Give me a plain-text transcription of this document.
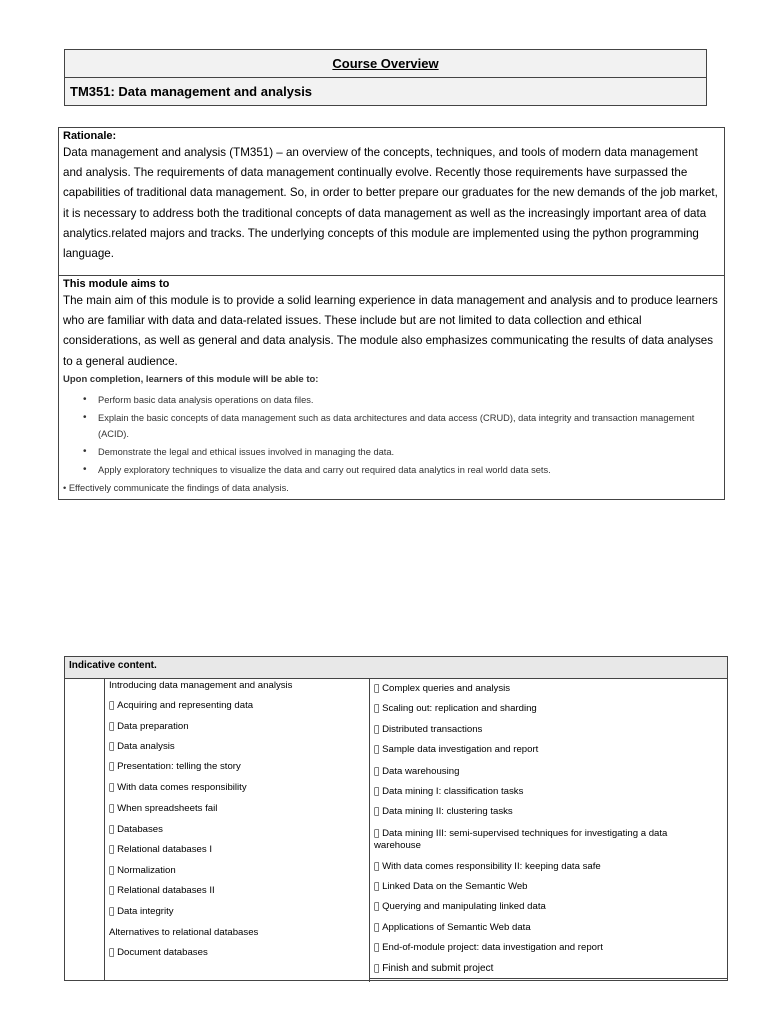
Course Overview
TM351: Data management and analysis
Rationale:
Data management and analysis (TM351) – an overview of the concepts, techniques, and tools of modern data management and analysis. The requirements of data management continually evolve. Recently those requirements have surpassed the capabilities of traditional data management. So, in order to better prepare our graduates for the new demands of the job market, it is necessary to address both the traditional concepts of data management as well as the increasingly important area of data analytics.related majors and tracks. The underlying concepts of this module are implemented using the python programming language.
This module aims to
The main aim of this module is to provide a solid learning experience in data management and analysis and to produce learners who are familiar with data and data-related issues. These include but are not limited to data collection and ethical considerations, as well as general and data analysis. The module also emphasizes communicating the results of data analyses to a general audience.
Upon completion, learners of this module will be able to:
• Perform basic data analysis operations on data files.
• Explain the basic concepts of data management such as data architectures and data access (CRUD), data integrity and transaction management (ACID).
• Demonstrate the legal and ethical issues involved in managing the data.
• Apply exploratory techniques to visualize the data and carry out required data analytics in real world data sets.
• Effectively communicate the findings of data analysis.
Indicative content.
Introducing data management and analysis
Acquiring and representing data
Data preparation
Data analysis
Presentation: telling the story
With data comes responsibility
When spreadsheets fail
Databases
Relational databases I
Normalization
Relational databases II
Data integrity
Alternatives to relational databases
Document databases
Complex queries and analysis
Scaling out: replication and sharding
Distributed transactions
Sample data investigation and report
Data warehousing
Data mining I: classification tasks
Data mining II: clustering tasks
Data mining III: semi-supervised techniques for investigating a data warehouse
With data comes responsibility II: keeping data safe
Linked Data on the Semantic Web
Querying and manipulating linked data
Applications of Semantic Web data
End-of-module project: data investigation and report
Finish and submit project
